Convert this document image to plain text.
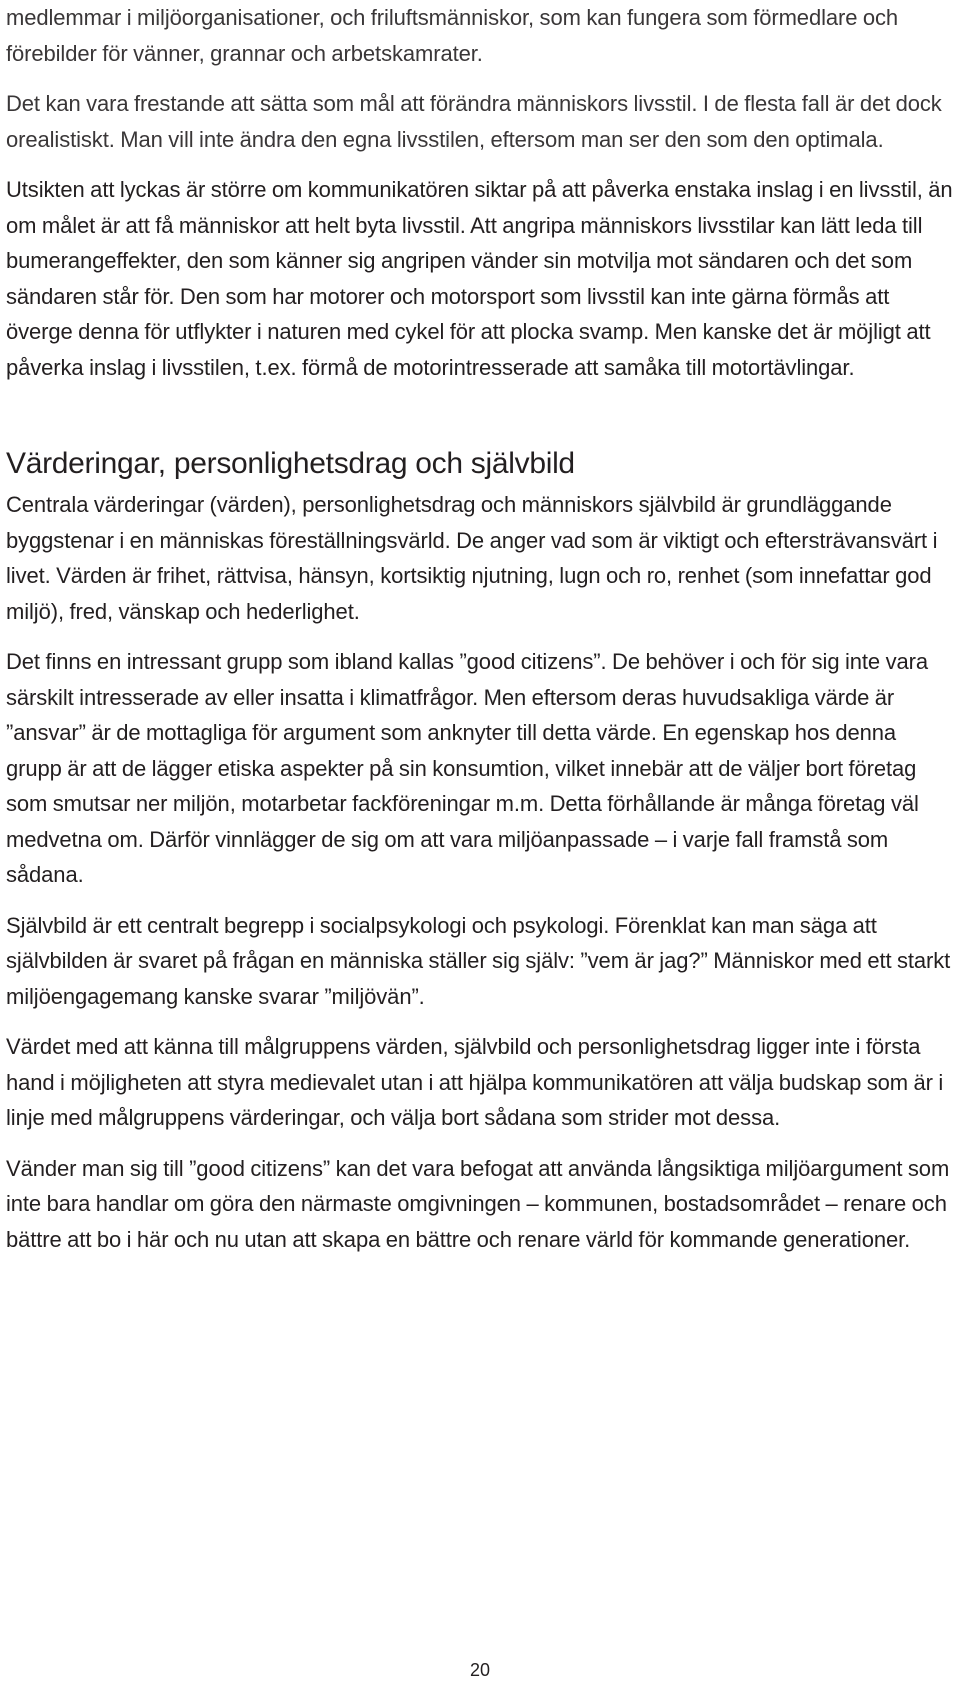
medlemmar i miljöorganisationer, och friluftsmänniskor, som kan fungera som förmedlare och förebilder för vänner, grannar och arbetskamrater.

Det kan vara frestande att sätta som mål att förändra människors livsstil. I de flesta fall är det dock orealistiskt. Man vill inte ändra den egna livsstilen, eftersom man ser den som den optimala.

Utsikten att lyckas är större om kommunikatören siktar på att påverka enstaka inslag i en livsstil, än om målet är att få människor att helt byta livsstil. Att angripa människors livsstilar kan lätt leda till bumerangeffekter, den som känner sig angripen vänder sin motvilja mot sändaren och det som sändaren står för. Den som har motorer och motorsport som livsstil kan inte gärna förmås att överge denna för utflykter i naturen med cykel för att plocka svamp. Men kanske det är möjligt att påverka inslag i livsstilen, t.ex. förmå de motorintresserade att samåka till motortävlingar.

Värderingar, personlighetsdrag och självbild

Centrala värderingar (värden), personlighetsdrag och människors självbild är grundläggande byggstenar i en människas föreställningsvärld. De anger vad som är viktigt och eftersträvansvärt i livet. Värden är frihet, rättvisa, hänsyn, kortsiktig njutning, lugn och ro, renhet (som innefattar god miljö), fred, vänskap och hederlighet.

Det finns en intressant grupp som ibland kallas ”good citizens”. De behöver i och för sig inte vara särskilt intresserade av eller insatta i klimatfrågor. Men eftersom deras huvudsakliga värde är ”ansvar” är de mottagliga för argument som anknyter till detta värde. En egenskap hos denna grupp är att de lägger etiska aspekter på sin konsumtion, vilket innebär att de väljer bort företag som smutsar ner miljön, motarbetar fackföreningar m.m. Detta förhållande är många företag väl medvetna om. Därför vinnlägger de sig om att vara miljöanpassade – i varje fall framstå som sådana.

Självbild är ett centralt begrepp i socialpsykologi och psykologi. Förenklat kan man säga att självbilden är svaret på frågan en människa ställer sig själv: ”vem är jag?” Människor med ett starkt miljöengagemang kanske svarar ”miljövän”.

Värdet med att känna till målgruppens värden, självbild och personlighetsdrag ligger inte i första hand i möjligheten att styra medievalet utan i att hjälpa kommunikatören att välja budskap som är i linje med målgruppens värderingar, och välja bort sådana som strider mot dessa.

Vänder man sig till ”good citizens” kan det vara befogat att använda långsiktiga miljöargument som inte bara handlar om göra den närmaste omgivningen – kommunen, bostadsområdet – renare och bättre att bo i här och nu utan att skapa en bättre och renare värld för kommande generationer.

20
